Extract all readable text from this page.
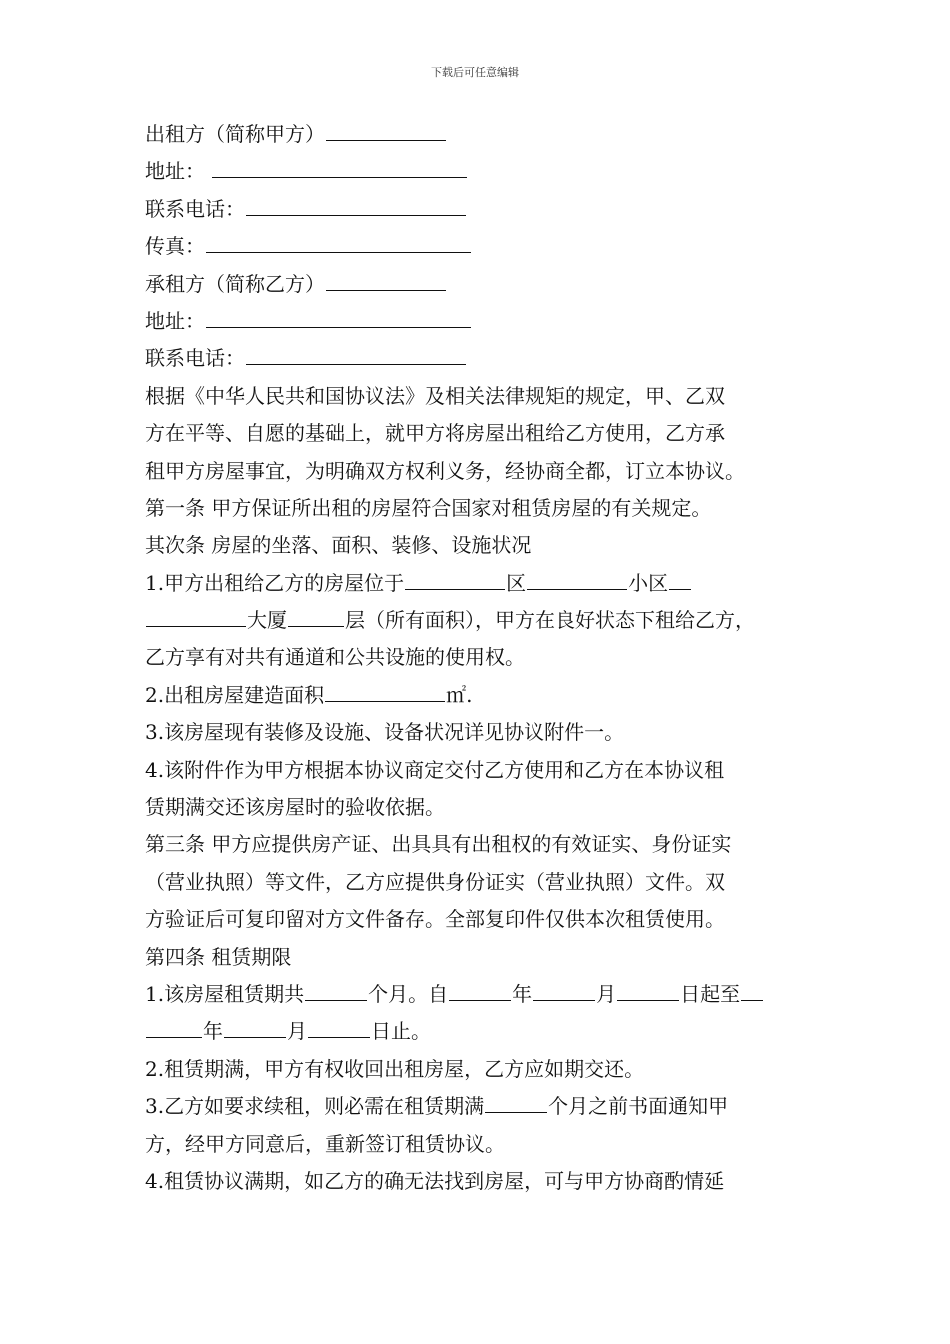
下载后可任意编辑
出租方（简称甲方）
地址：
联系电话：
传真：
承租方（简称乙方）
地址：
联系电话：
根据《中华人民共和国协议法》及相关法律规矩的规定，甲、乙双
方在平等、自愿的基础上，就甲方将房屋出租给乙方使用，乙方承
租甲方房屋事宜，为明确双方权利义务，经协商全都，订立本协议。
第一条 甲方保证所出租的房屋符合国家对租赁房屋的有关规定。
其次条 房屋的坐落、面积、装修、设施状况
1.甲方出租给乙方的房屋位于	区	小区
大厦	层（所有面积），甲方在良好状态下租给乙方，
乙方享有对共有通道和公共设施的使用权。
2.出租房屋建造面积	㎡.
3.该房屋现有装修及设施、设备状况详见协议附件一。
4.该附件作为甲方根据本协议商定交付乙方使用和乙方在本协议租
赁期满交还该房屋时的验收依据。
第三条 甲方应提供房产证、出具具有出租权的有效证实、身份证实
（营业执照）等文件，乙方应提供身份证实（营业执照）文件。双
方验证后可复印留对方文件备存。全部复印件仅供本次租赁使用。
第四条 租赁期限
1.该房屋租赁期共	个月。自	年	月	日起至
年	月	日止。
2.租赁期满，甲方有权收回出租房屋，乙方应如期交还。
3.乙方如要求续租，则必需在租赁期满	个月之前书面通知甲
方，经甲方同意后，重新签订租赁协议。
4.租赁协议满期，如乙方的确无法找到房屋，可与甲方协商酌情延
